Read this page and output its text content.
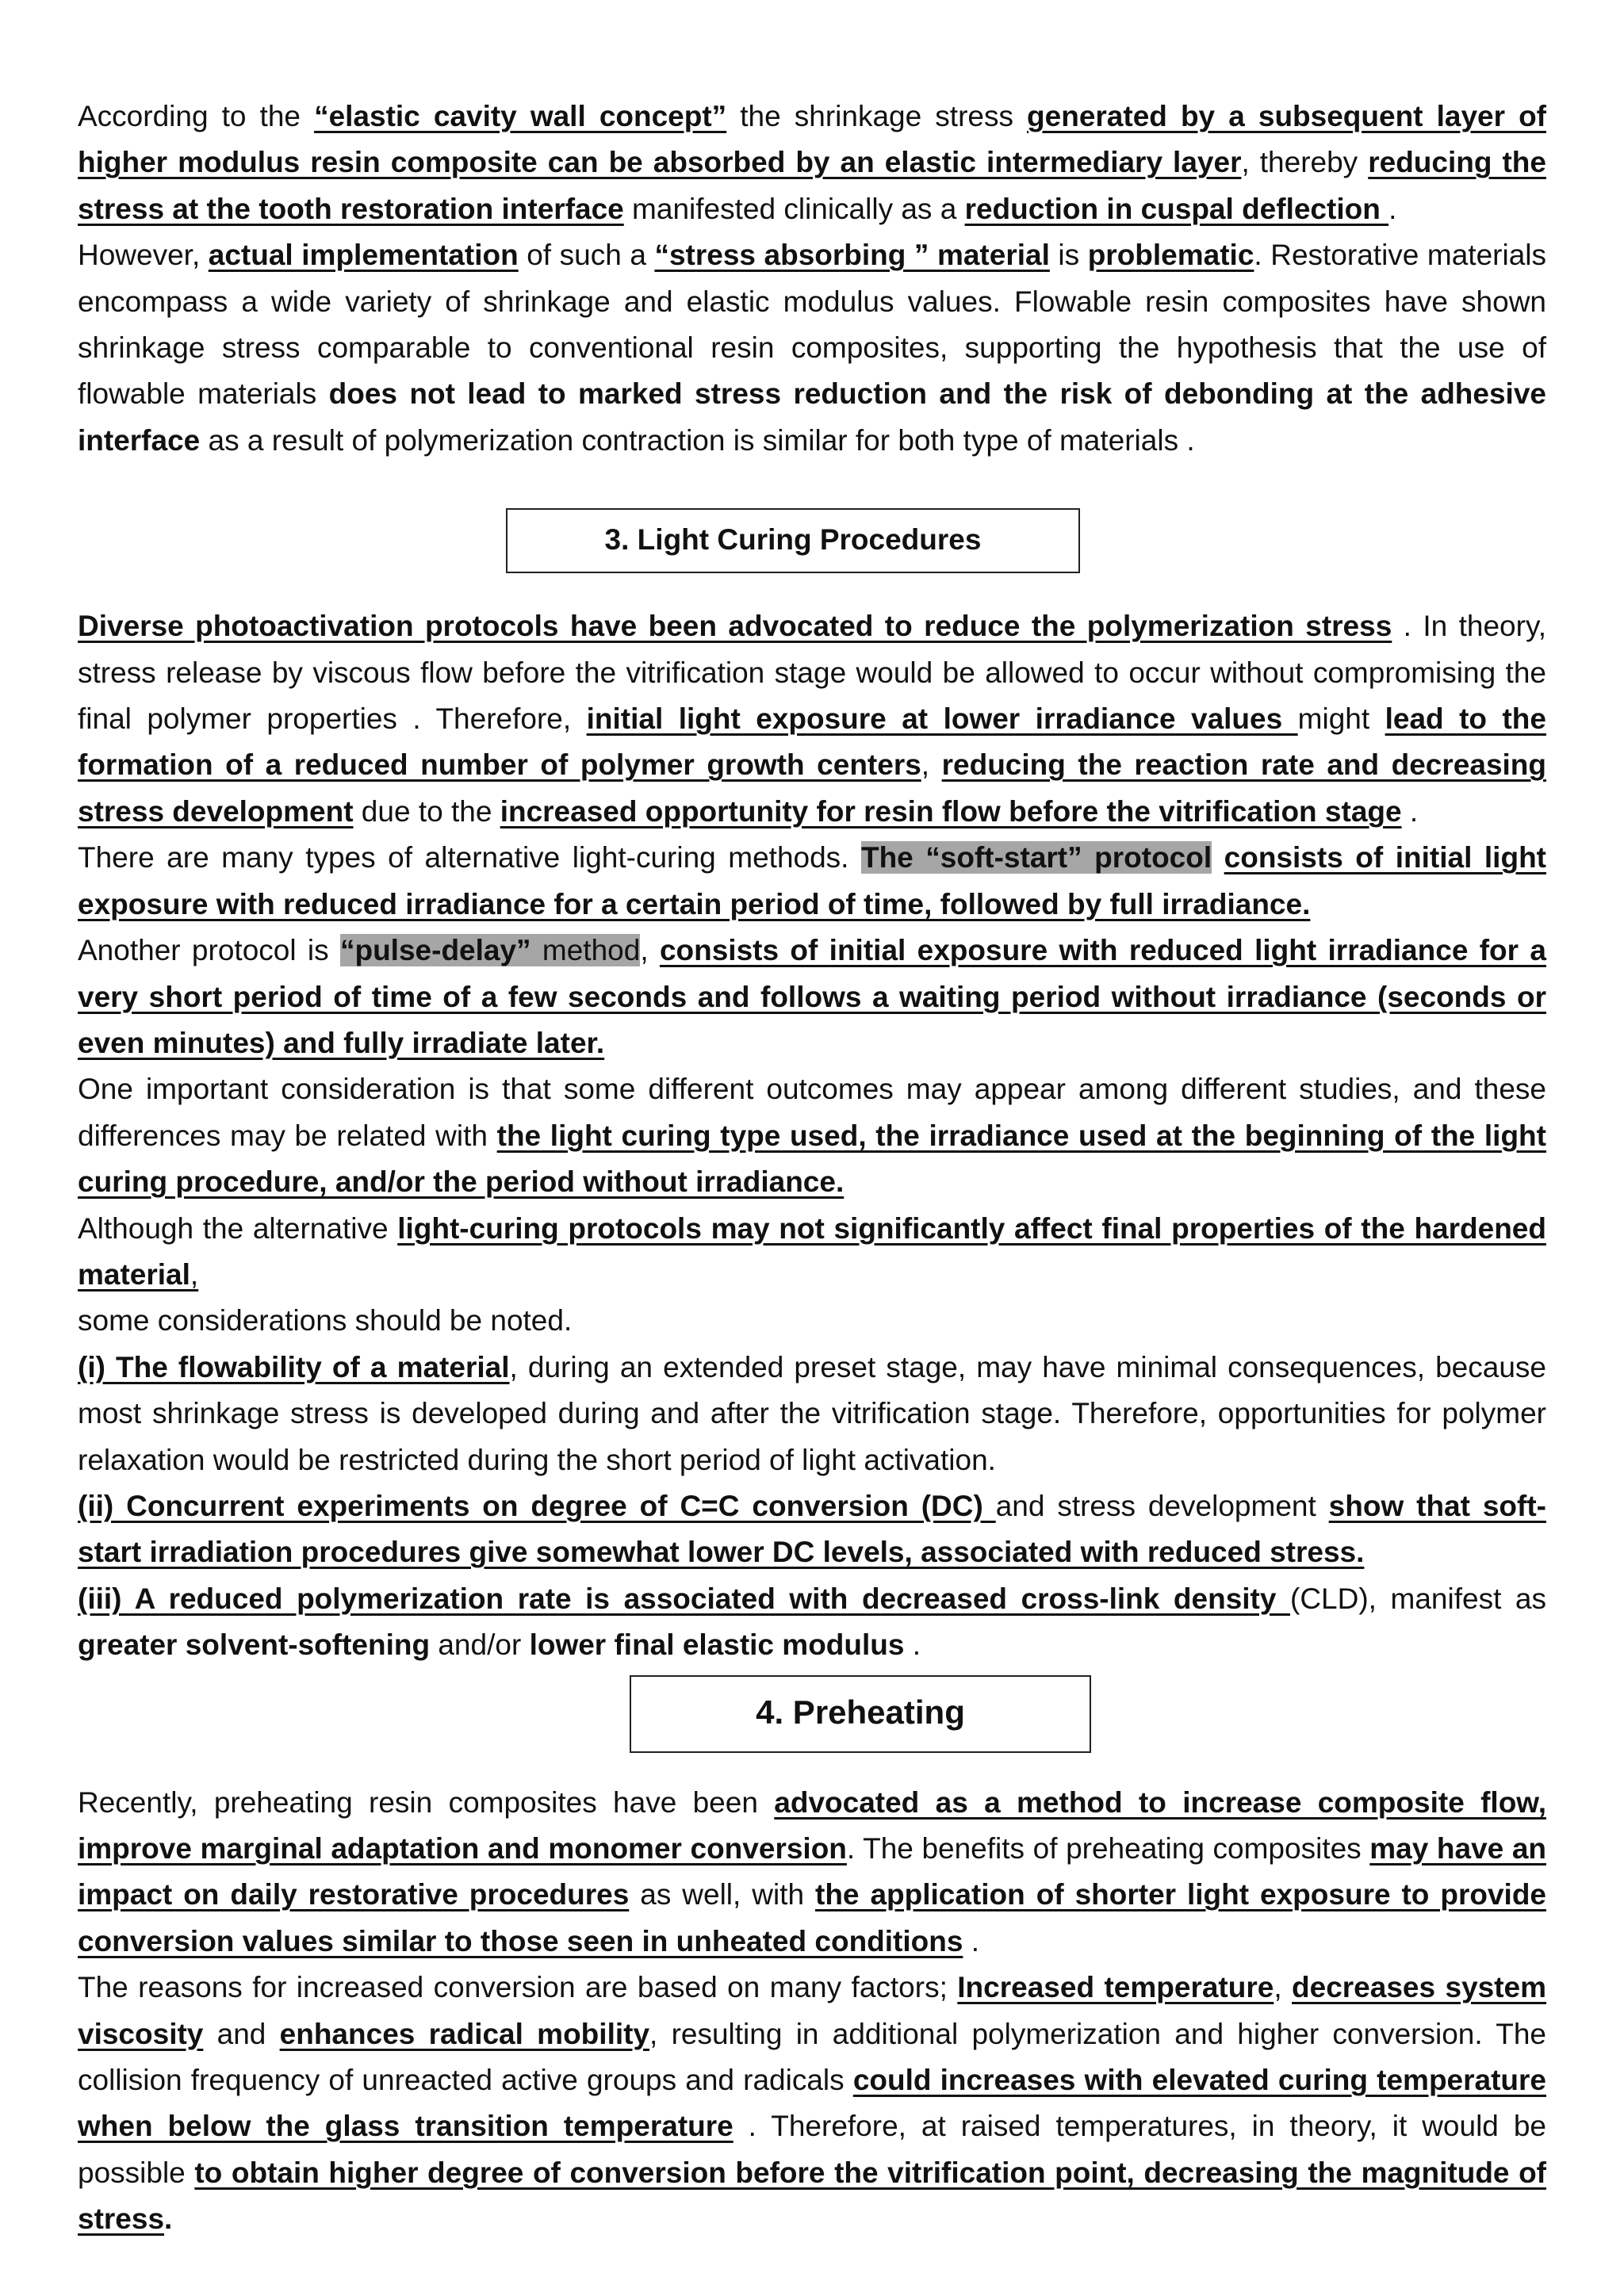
According to the “elastic cavity wall concept” the shrinkage stress generated by a subsequent layer of higher modulus resin composite can be absorbed by an elastic intermediary layer, thereby reducing the stress at the tooth restoration interface manifested clinically as a reduction in cuspal deflection .

However, actual implementation of such a “stress absorbing ” material is problematic. Restorative materials encompass a wide variety of shrinkage and elastic modulus values. Flowable resin composites have shown shrinkage stress comparable to conventional resin composites, supporting the hypothesis that the use of flowable materials does not lead to marked stress reduction and the risk of debonding at the adhesive interface as a result of polymerization contraction is similar for both type of materials .

3. Light Curing Procedures

Diverse photoactivation protocols have been advocated to reduce the polymerization stress . In theory, stress release by viscous flow before the vitrification stage would be allowed to occur without compromising the final polymer properties . Therefore, initial light exposure at lower irradiance values might lead to the formation of a reduced number of polymer growth centers, reducing the reaction rate and decreasing stress development due to the increased opportunity for resin flow before the vitrification stage .

There are many types of alternative light-curing methods. The “soft-start” protocol consists of initial light exposure with reduced irradiance for a certain period of time, followed by full irradiance.

Another protocol is “pulse-delay” method, consists of initial exposure with reduced light irradiance for a very short period of time of a few seconds and follows a waiting period without irradiance (seconds or even minutes) and fully irradiate later.

One important consideration is that some different outcomes may appear among different studies, and these differences may be related with the light curing type used, the irradiance used at the beginning of the light curing procedure, and/or the period without irradiance.

Although the alternative light-curing protocols may not significantly affect final properties of the hardened material,

some considerations should be noted.

(i) The flowability of a material, during an extended preset stage, may have minimal consequences, because most shrinkage stress is developed during and after the vitrification stage. Therefore, opportunities for polymer relaxation would be restricted during the short period of light activation.

(ii) Concurrent experiments on degree of C=C conversion (DC) and stress development show that soft-start irradiation procedures give somewhat lower DC levels, associated with reduced stress.

(iii) A reduced polymerization rate is associated with decreased cross-link density (CLD), manifest as greater solvent-softening and/or lower final elastic modulus .

4. Preheating

Recently, preheating resin composites have been advocated as a method to increase composite flow, improve marginal adaptation and monomer conversion. The benefits of preheating composites may have an impact on daily restorative procedures as well, with the application of shorter light exposure to provide conversion values similar to those seen in unheated conditions .

The reasons for increased conversion are based on many factors; Increased temperature, decreases system viscosity and enhances radical mobility, resulting in additional polymerization and higher conversion. The collision frequency of unreacted active groups and radicals could increases with elevated curing temperature when below the glass transition temperature . Therefore, at raised temperatures, in theory, it would be possible to obtain higher degree of conversion before the vitrification point, decreasing the magnitude of stress.
